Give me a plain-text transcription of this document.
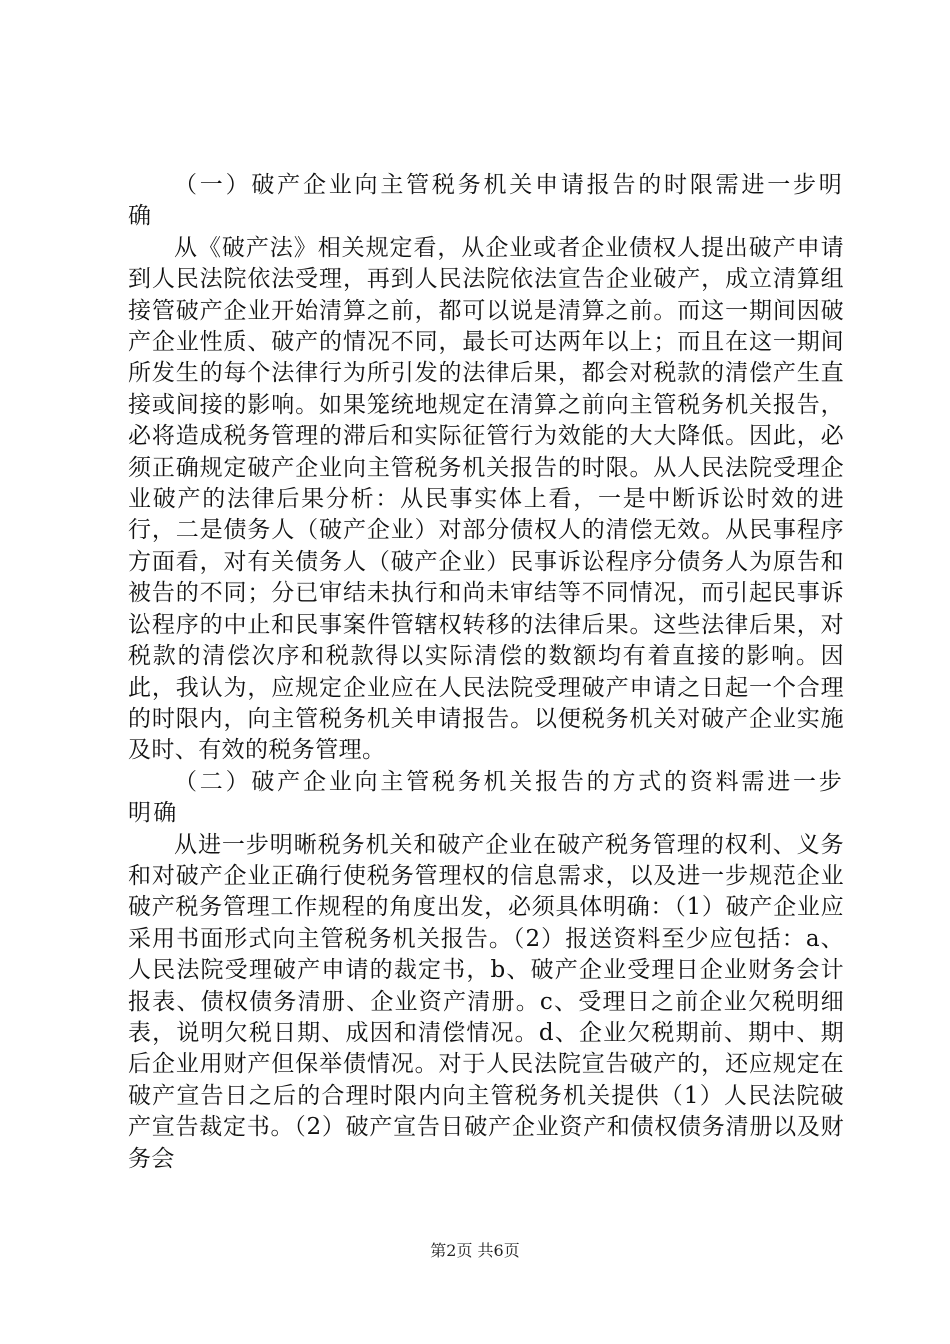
（一）破产企业向主管税务机关申请报告的时限需进一步明确

从《破产法》相关规定看，从企业或者企业债权人提出破产申请到人民法院依法受理，再到人民法院依法宣告企业破产，成立清算组接管破产企业开始清算之前，都可以说是清算之前。而这一期间因破产企业性质、破产的情况不同，最长可达两年以上；而且在这一期间所发生的每个法律行为所引发的法律后果，都会对税款的清偿产生直接或间接的影响。如果笼统地规定在清算之前向主管税务机关报告，必将造成税务管理的滞后和实际征管行为效能的大大降低。因此，必须正确规定破产企业向主管税务机关报告的时限。从人民法院受理企业破产的法律后果分析：从民事实体上看，一是中断诉讼时效的进行，二是债务人（破产企业）对部分债权人的清偿无效。从民事程序方面看，对有关债务人（破产企业）民事诉讼程序分债务人为原告和被告的不同；分已审结未执行和尚未审结等不同情况，而引起民事诉讼程序的中止和民事案件管辖权转移的法律后果。这些法律后果，对税款的清偿次序和税款得以实际清偿的数额均有着直接的影响。因此，我认为，应规定企业应在人民法院受理破产申请之日起一个合理的时限内，向主管税务机关申请报告。以便税务机关对破产企业实施及时、有效的税务管理。

（二）破产企业向主管税务机关报告的方式的资料需进一步明确

从进一步明晰税务机关和破产企业在破产税务管理的权利、义务和对破产企业正确行使税务管理权的信息需求，以及进一步规范企业破产税务管理工作规程的角度出发，必须具体明确：（1）破产企业应采用书面形式向主管税务机关报告。（2）报送资料至少应包括：a、人民法院受理破产申请的裁定书，b、破产企业受理日企业财务会计报表、债权债务清册、企业资产清册。c、受理日之前企业欠税明细表，说明欠税日期、成因和清偿情况。d、企业欠税期前、期中、期后企业用财产但保举债情况。对于人民法院宣告破产的，还应规定在破产宣告日之后的合理时限内向主管税务机关提供（1）人民法院破产宣告裁定书。（2）破产宣告日破产企业资产和债权债务清册以及财务会

第2页 共6页
